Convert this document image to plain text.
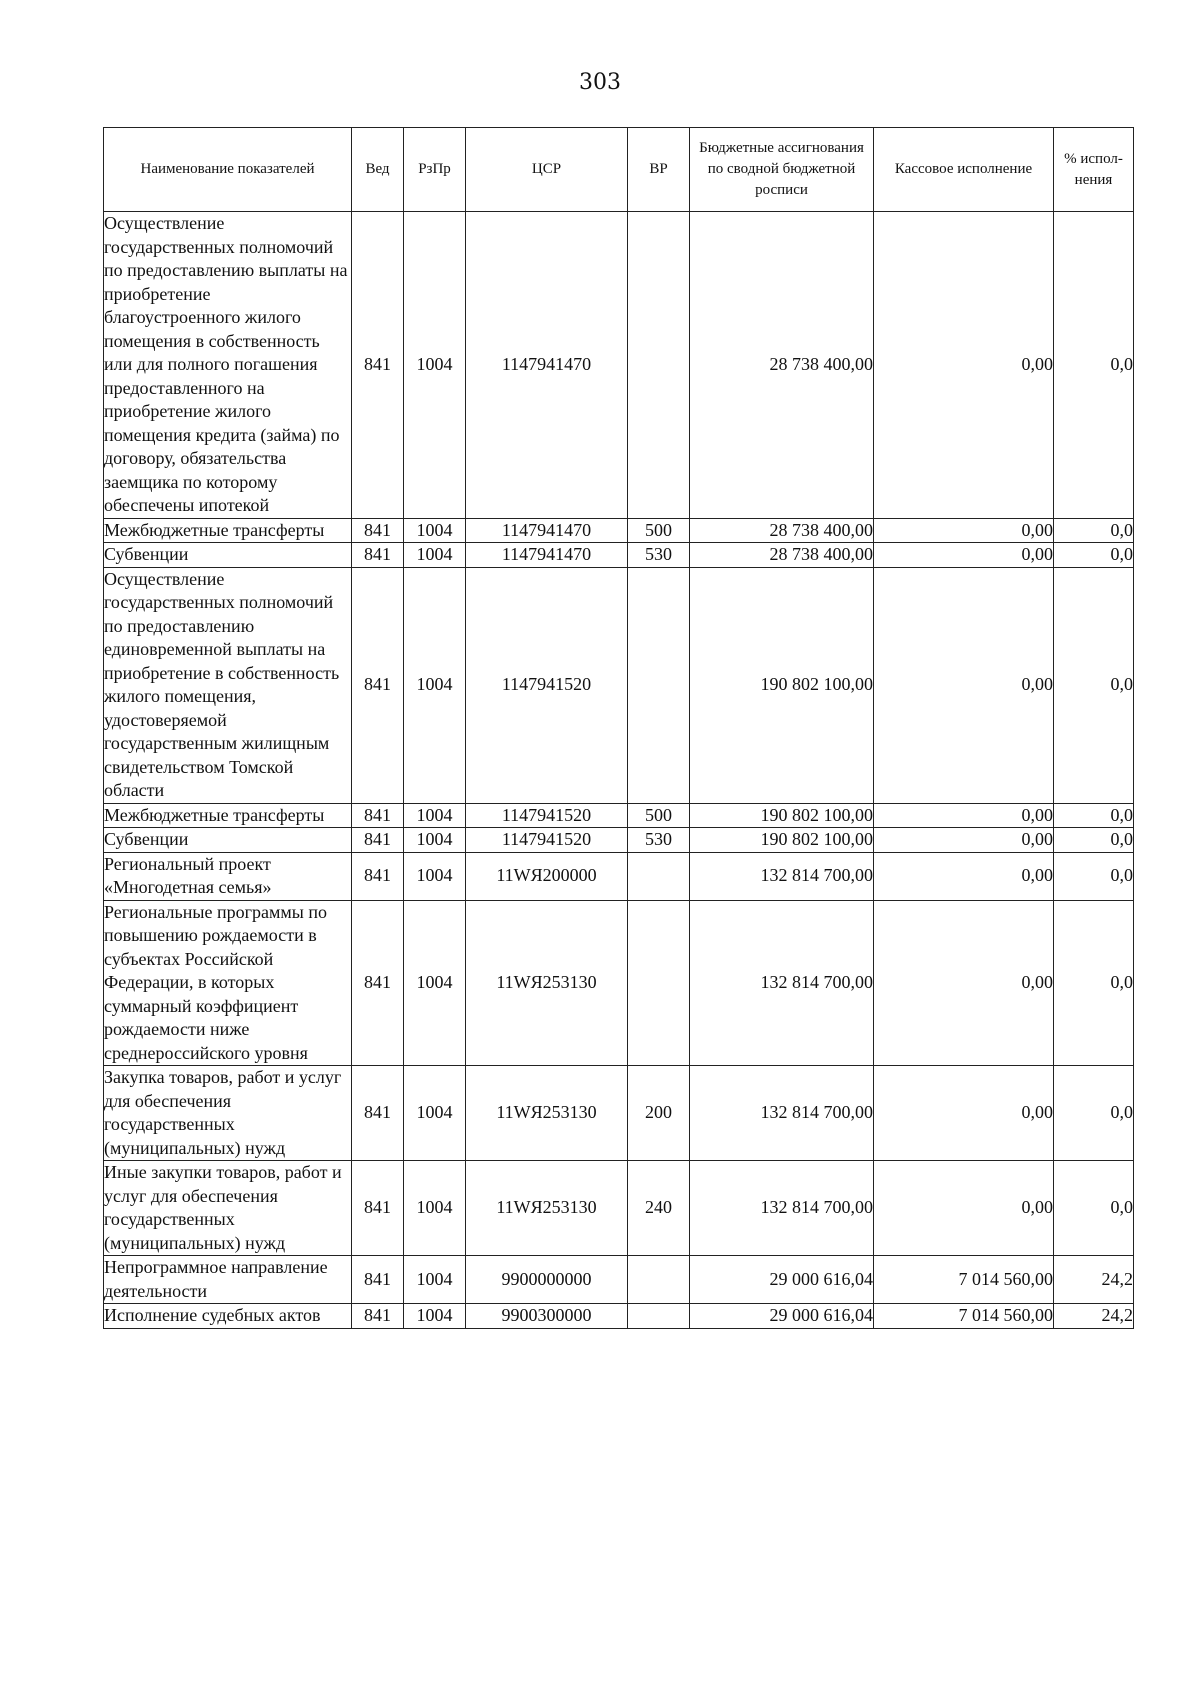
303
Наименование показателей	Вед	РзПр	ЦСР	ВР	Бюджетные ассигнования по сводной бюджетной росписи	Кассовое исполнение	% испол-нения
Осуществление государственных полномочий по предоставлению выплаты на приобретение благоустроенного жилого помещения в собственность или для полного погашения предоставленного на приобретение жилого помещения кредита (займа) по договору, обязательства заемщика по которому обеспечены ипотекой	841	1004	1147941470		28 738 400,00	0,00	0,0
Межбюджетные трансферты	841	1004	1147941470	500	28 738 400,00	0,00	0,0
Субвенции	841	1004	1147941470	530	28 738 400,00	0,00	0,0
Осуществление государственных полномочий по предоставлению единовременной выплаты на приобретение в собственность жилого помещения, удостоверяемой государственным жилищным свидетельством Томской области	841	1004	1147941520		190 802 100,00	0,00	0,0
Межбюджетные трансферты	841	1004	1147941520	500	190 802 100,00	0,00	0,0
Субвенции	841	1004	1147941520	530	190 802 100,00	0,00	0,0
Региональный проект «Многодетная семья»	841	1004	11WЯ200000		132 814 700,00	0,00	0,0
Региональные программы по повышению рождаемости в субъектах Российской Федерации, в которых суммарный коэффициент рождаемости ниже среднероссийского уровня	841	1004	11WЯ253130		132 814 700,00	0,00	0,0
Закупка товаров, работ и услуг для обеспечения государственных (муниципальных) нужд	841	1004	11WЯ253130	200	132 814 700,00	0,00	0,0
Иные закупки товаров, работ и услуг для обеспечения государственных (муниципальных) нужд	841	1004	11WЯ253130	240	132 814 700,00	0,00	0,0
Непрограммное направление деятельности	841	1004	9900000000		29 000 616,04	7 014 560,00	24,2
Исполнение судебных актов	841	1004	9900300000		29 000 616,04	7 014 560,00	24,2
